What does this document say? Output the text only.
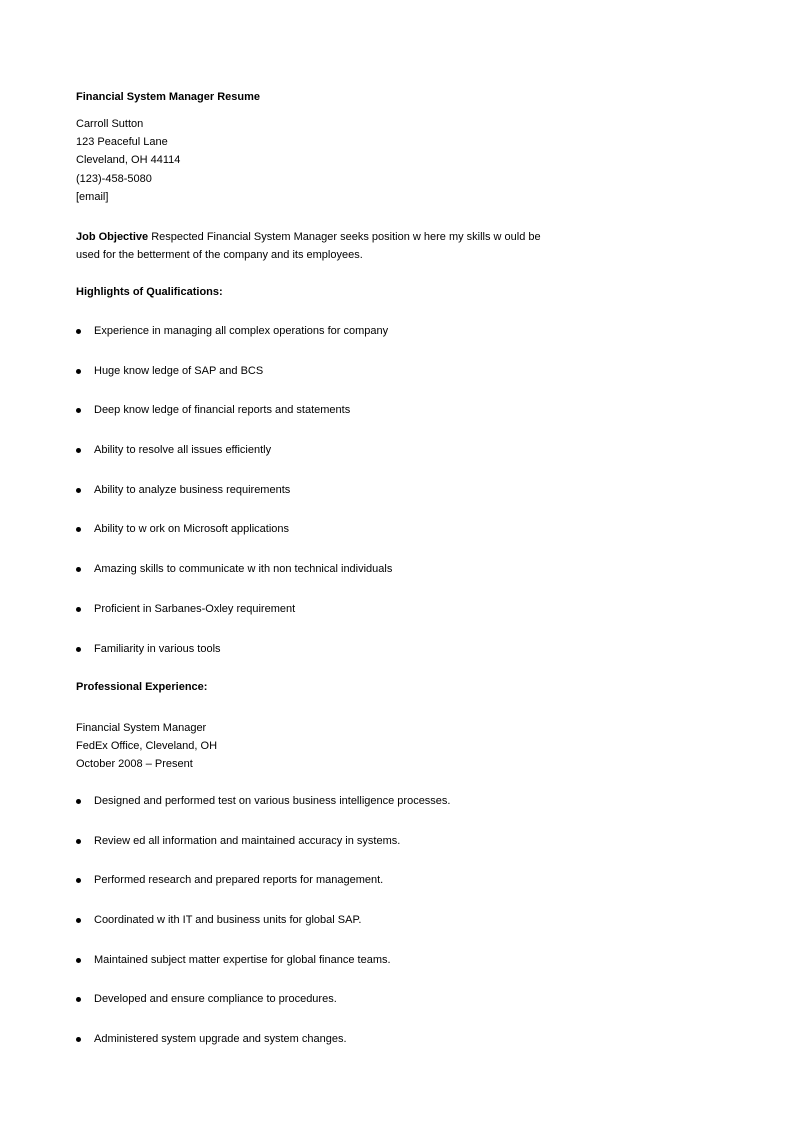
Financial System Manager Resume
Carroll Sutton
123 Peaceful Lane
Cleveland, OH 44114
(123)-458-5080
[email]
Job Objective Respected Financial System Manager seeks position w here my skills w ould be used for the betterment of the company and its employees.
Highlights of Qualifications:
Experience in managing all complex operations for company
Huge know ledge of SAP and BCS
Deep know ledge of financial reports and statements
Ability to resolve all issues efficiently
Ability to analyze business requirements
Ability to w ork on Microsoft applications
Amazing skills to communicate w ith non technical individuals
Proficient in Sarbanes-Oxley requirement
Familiarity in various tools
Professional Experience:
Financial System Manager
FedEx Office, Cleveland, OH
October 2008 – Present
Designed and performed test on various business intelligence processes.
Review ed all information and maintained accuracy in systems.
Performed research and prepared reports for management.
Coordinated w ith IT and business units for global SAP.
Maintained subject matter expertise for global finance teams.
Developed and ensure compliance to procedures.
Administered system upgrade and system changes.
